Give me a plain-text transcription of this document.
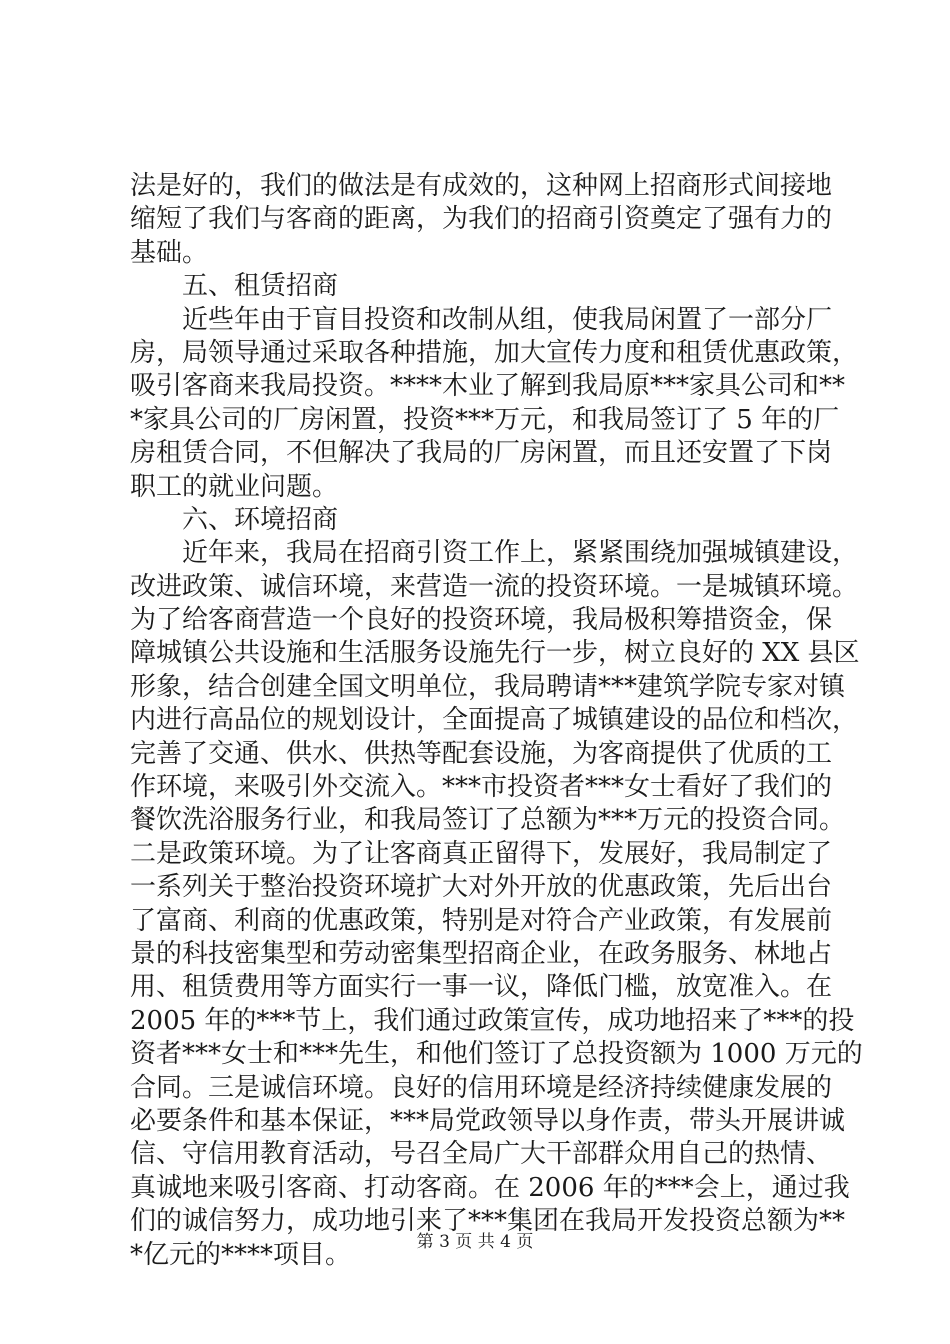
法是好的，我们的做法是有成效的，这种网上招商形式间接地
缩短了我们与客商的距离，为我们的招商引资奠定了强有力的
基础。
五、租赁招商
近些年由于盲目投资和改制从组，使我局闲置了一部分厂
房，局领导通过采取各种措施，加大宣传力度和租赁优惠政策，
吸引客商来我局投资。****木业了解到我局原***家具公司和**
*家具公司的厂房闲置，投资***万元，和我局签订了 5 年的厂
房租赁合同，不但解决了我局的厂房闲置，而且还安置了下岗
职工的就业问题。
六、环境招商
近年来，我局在招商引资工作上，紧紧围绕加强城镇建设，
改进政策、诚信环境，来营造一流的投资环境。一是城镇环境。
为了给客商营造一个良好的投资环境，我局极积筹措资金，保
障城镇公共设施和生活服务设施先行一步，树立良好的 XX 县区
形象，结合创建全国文明单位，我局聘请***建筑学院专家对镇
内进行高品位的规划设计，全面提高了城镇建设的品位和档次，
完善了交通、供水、供热等配套设施，为客商提供了优质的工
作环境，来吸引外交流入。***市投资者***女士看好了我们的
餐饮洗浴服务行业，和我局签订了总额为***万元的投资合同。
二是政策环境。为了让客商真正留得下，发展好，我局制定了
一系列关于整治投资环境扩大对外开放的优惠政策，先后出台
了富商、利商的优惠政策，特别是对符合产业政策，有发展前
景的科技密集型和劳动密集型招商企业，在政务服务、林地占
用、租赁费用等方面实行一事一议，降低门槛，放宽准入。在
2005 年的***节上，我们通过政策宣传，成功地招来了***的投
资者***女士和***先生，和他们签订了总投资额为 1000 万元的
合同。三是诚信环境。良好的信用环境是经济持续健康发展的
必要条件和基本保证，***局党政领导以身作责，带头开展讲诚
信、守信用教育活动，号召全局广大干部群众用自己的热情、
真诚地来吸引客商、打动客商。在 2006 年的***会上，通过我
们的诚信努力，成功地引来了***集团在我局开发投资总额为**
*亿元的****项目。	第 3 页 共 4 页
